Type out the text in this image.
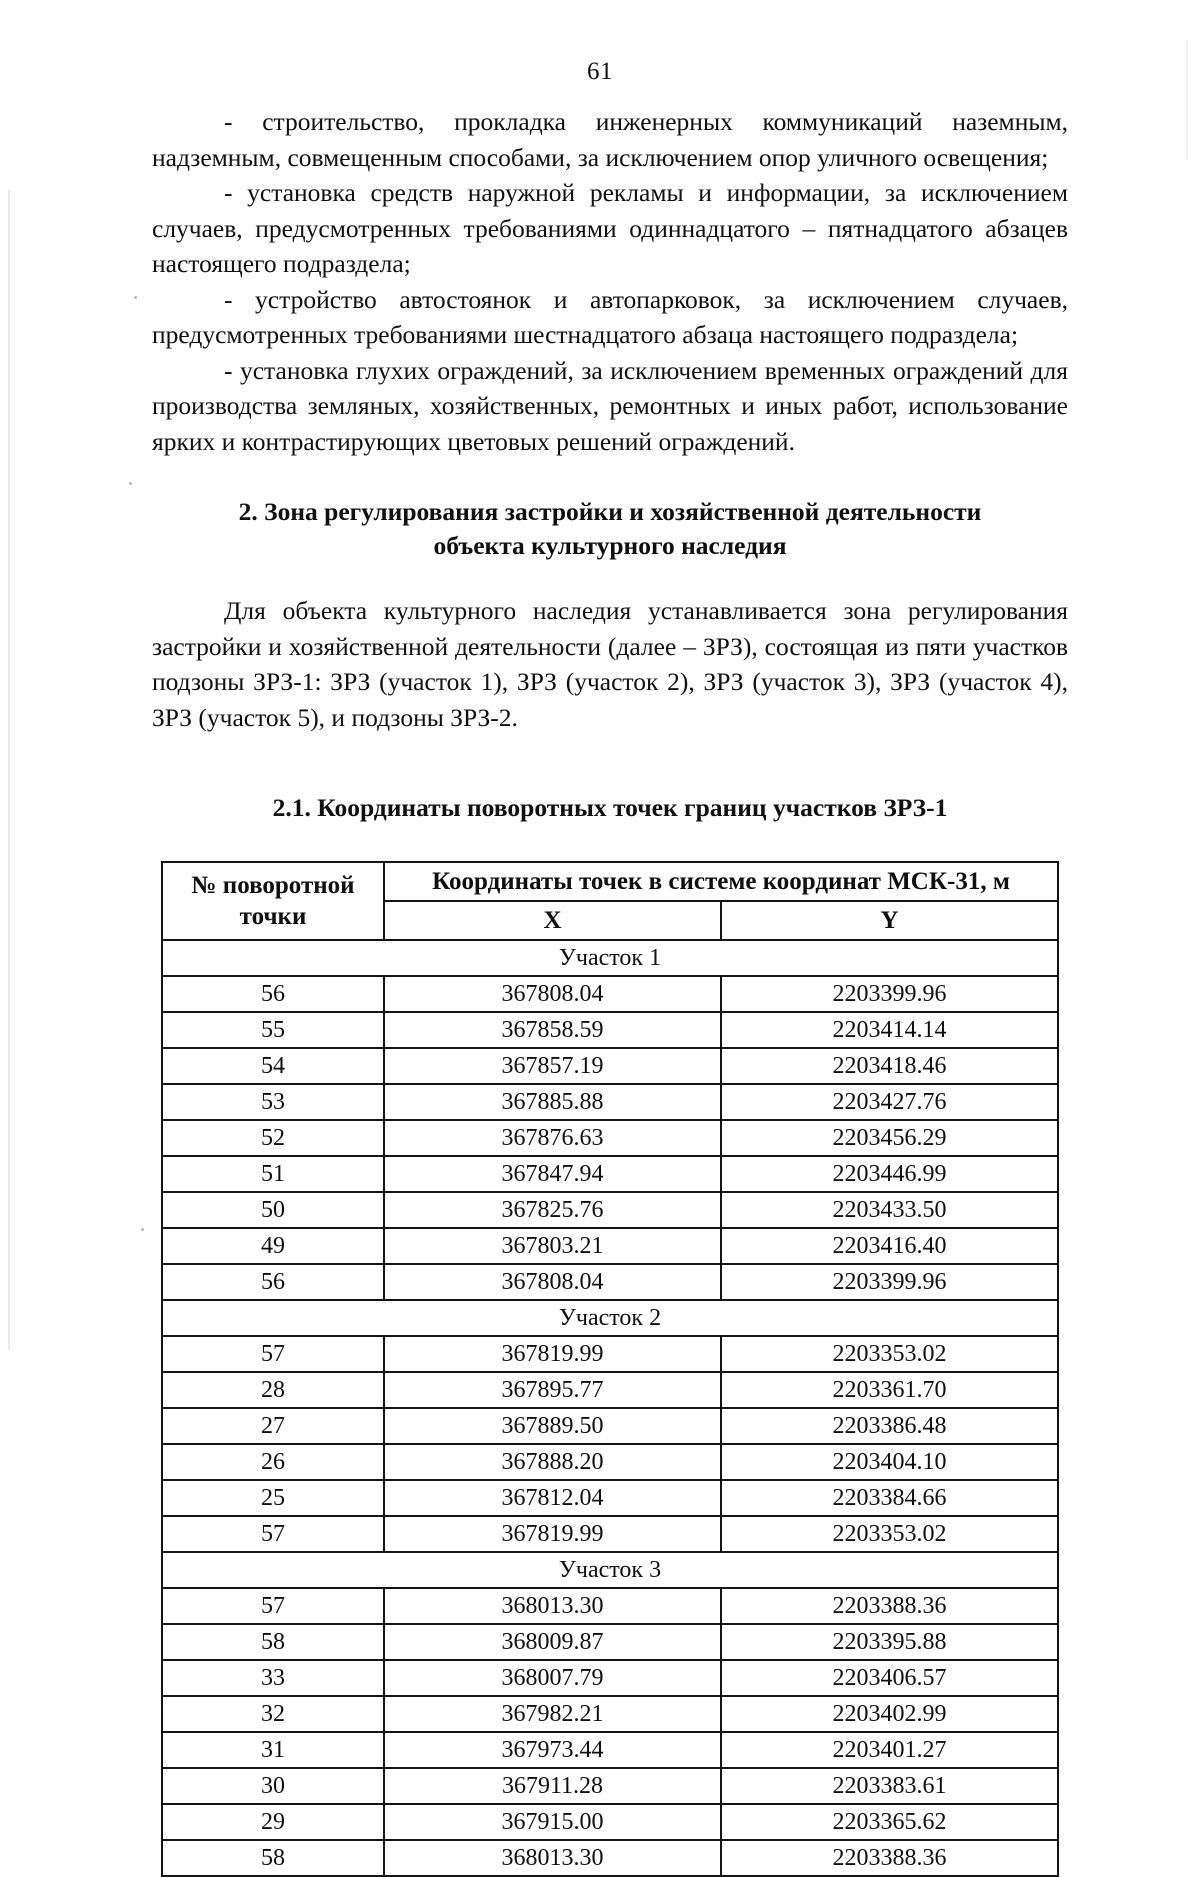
61

- строительство, прокладка инженерных коммуникаций наземным, надземным, совмещенным способами, за исключением опор уличного освещения;

- установка средств наружной рекламы и информации, за исключением случаев, предусмотренных требованиями одиннадцатого – пятнадцатого абзацев настоящего подраздела;

- устройство автостоянок и автопарковок, за исключением случаев, предусмотренных требованиями шестнадцатого абзаца настоящего подраздела;

- установка глухих ограждений, за исключением временных ограждений для производства земляных, хозяйственных, ремонтных и иных работ, использование ярких и контрастирующих цветовых решений ограждений.

2. Зона регулирования застройки и хозяйственной деятельности
объекта культурного наследия

Для объекта культурного наследия устанавливается зона регулирования застройки и хозяйственной деятельности (далее – ЗРЗ), состоящая из пяти участков подзоны ЗРЗ-1: ЗРЗ (участок 1), ЗРЗ (участок 2), ЗРЗ (участок 3), ЗРЗ (участок 4), ЗРЗ (участок 5), и подзоны ЗРЗ-2.

2.1. Координаты поворотных точек границ участков ЗРЗ-1
№ поворотной
точки	Координаты точек в системе координат МСК-31, м	
	X	Y
Участок 1		
56	367808.04	2203399.96
55	367858.59	2203414.14
54	367857.19	2203418.46
53	367885.88	2203427.76
52	367876.63	2203456.29
51	367847.94	2203446.99
50	367825.76	2203433.50
49	367803.21	2203416.40
56	367808.04	2203399.96
Участок 2		
57	367819.99	2203353.02
28	367895.77	2203361.70
27	367889.50	2203386.48
26	367888.20	2203404.10
25	367812.04	2203384.66
57	367819.99	2203353.02
Участок 3		
57	368013.30	2203388.36
58	368009.87	2203395.88
33	368007.79	2203406.57
32	367982.21	2203402.99
31	367973.44	2203401.27
30	367911.28	2203383.61
29	367915.00	2203365.62
58	368013.30	2203388.36
